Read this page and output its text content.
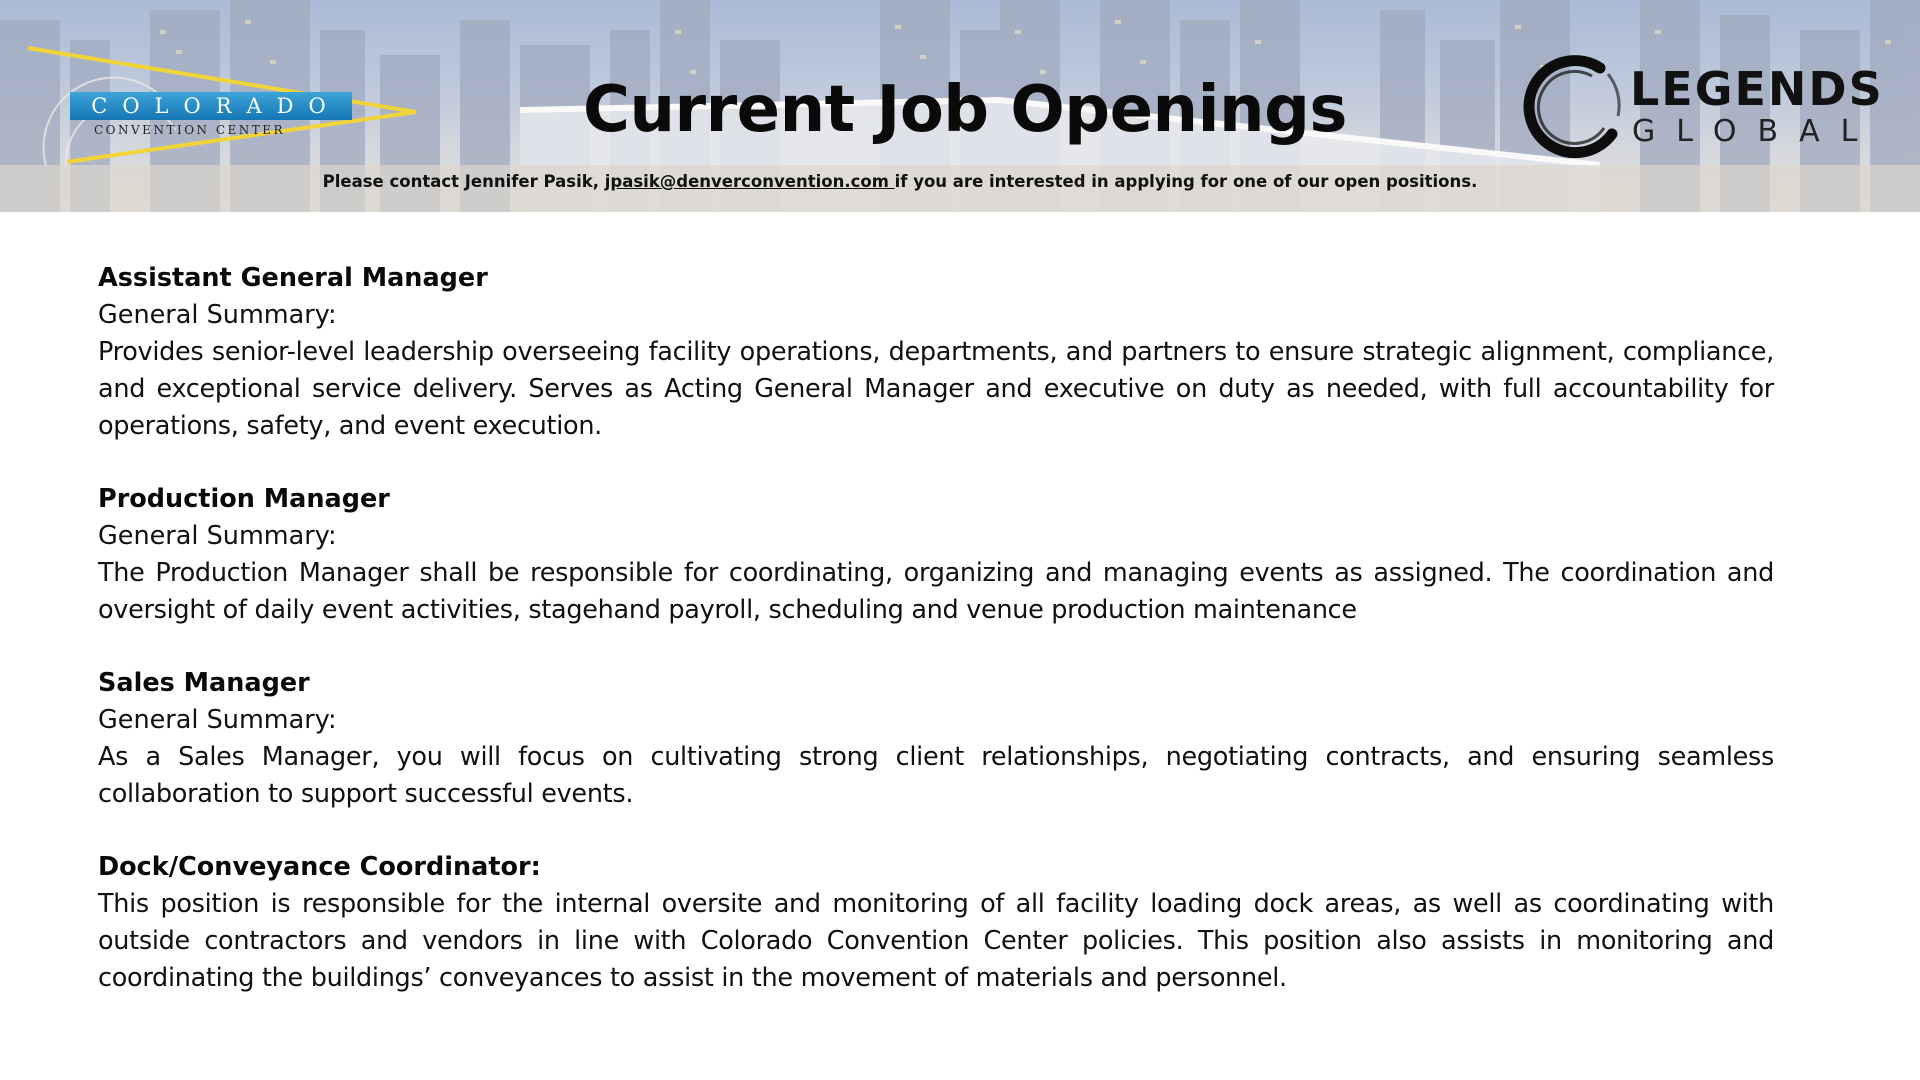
COLORADO
CONVENTION CENTER	Current Job Openings
Please contact Jennifer Pasik, jpasik@denverconvention.com if you are interested in applying for one of our open positions.
LEGENDS
GLOBAL
Assistant General Manager
General Summary:
Provides senior-level leadership overseeing facility operations, departments, and partners to ensure strategic alignment, compliance, and exceptional service delivery. Serves as Acting General Manager and executive on duty as needed, with full accountability for operations, safety, and event execution.
Production Manager
General Summary:
The Production Manager shall be responsible for coordinating, organizing and managing events as assigned. The coordination and oversight of daily event activities, stagehand payroll, scheduling and venue production maintenance
Sales Manager
General Summary:
As a Sales Manager, you will focus on cultivating strong client relationships, negotiating contracts, and ensuring seamless collaboration to support successful events.
Dock/Conveyance Coordinator:
This position is responsible for the internal oversite and monitoring of all facility loading dock areas, as well as coordinating with outside contractors and vendors in line with Colorado Convention Center policies. This position also assists in monitoring and coordinating the buildings’ conveyances to assist in the movement of materials and personnel.
